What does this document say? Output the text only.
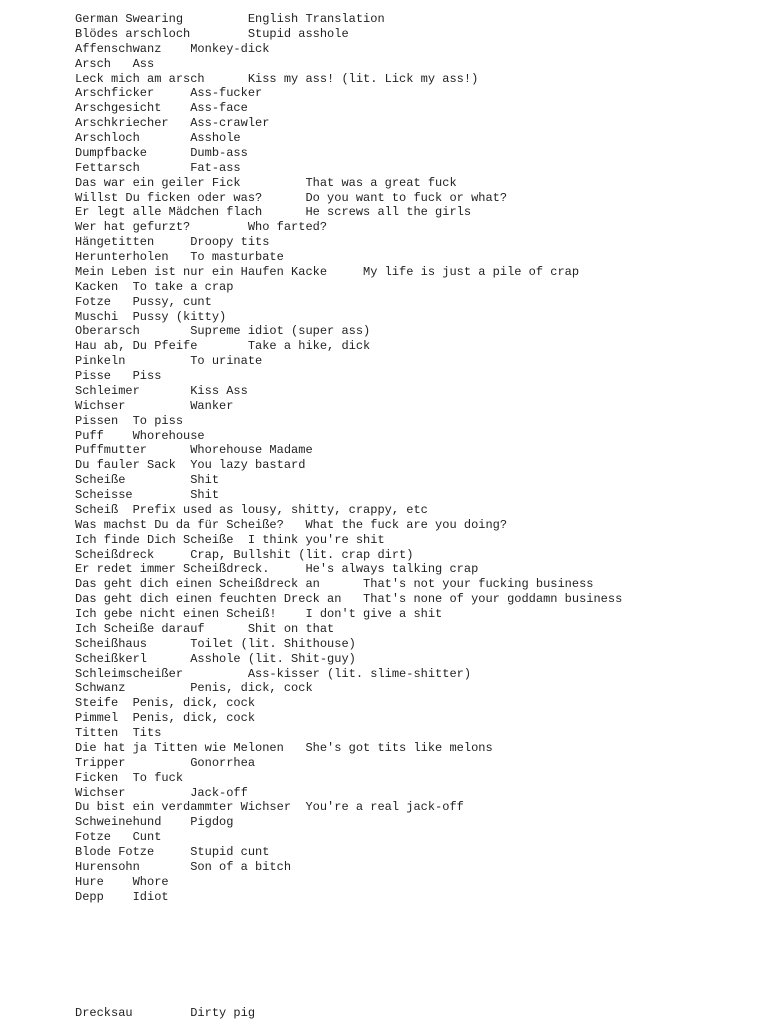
German Swearing         English Translation
Blödes arschloch        Stupid asshole
Affenschwanz    Monkey-dick
Arsch   Ass
Leck mich am arsch      Kiss my ass! (lit. Lick my ass!)
Arschficker     Ass-fucker
Arschgesicht    Ass-face
Arschkriecher   Ass-crawler
Arschloch       Asshole
Dumpfbacke      Dumb-ass
Fettarsch       Fat-ass
Das war ein geiler Fick         That was a great fuck
Willst Du ficken oder was?      Do you want to fuck or what?
Er legt alle Mädchen flach      He screws all the girls
Wer hat gefurzt?        Who farted?
Hängetitten     Droopy tits
Herunterholen   To masturbate
Mein Leben ist nur ein Haufen Kacke     My life is just a pile of crap
Kacken  To take a crap
Fotze   Pussy, cunt
Muschi  Pussy (kitty)
Oberarsch       Supreme idiot (super ass)
Hau ab, Du Pfeife       Take a hike, dick
Pinkeln         To urinate
Pisse   Piss
Schleimer       Kiss Ass
Wichser         Wanker
Pissen  To piss
Puff    Whorehouse
Puffmutter      Whorehouse Madame
Du fauler Sack  You lazy bastard
Scheiße         Shit
Scheisse        Shit
Scheiß  Prefix used as lousy, shitty, crappy, etc
Was machst Du da für Scheiße?   What the fuck are you doing?
Ich finde Dich Scheiße  I think you're shit
Scheißdreck     Crap, Bullshit (lit. crap dirt)
Er redet immer Scheißdreck.     He's always talking crap
Das geht dich einen Scheißdreck an      That's not your fucking business
Das geht dich einen feuchten Dreck an   That's none of your goddamn business
Ich gebe nicht einen Scheiß!    I don't give a shit
Ich Scheiße darauf      Shit on that
Scheißhaus      Toilet (lit. Shithouse)
Scheißkerl      Asshole (lit. Shit-guy)
Schleimscheißer         Ass-kisser (lit. slime-shitter)
Schwanz         Penis, dick, cock
Steife  Penis, dick, cock
Pimmel  Penis, dick, cock
Titten  Tits
Die hat ja Titten wie Melonen   She's got tits like melons
Tripper         Gonorrhea
Ficken  To fuck
Wichser         Jack-off
Du bist ein verdammter Wichser  You're a real jack-off
Schweinehund    Pigdog
Fotze   Cunt
Blode Fotze     Stupid cunt
Hurensohn       Son of a bitch
Hure    Whore
Depp    Idiot
Drecksau        Dirty pig
